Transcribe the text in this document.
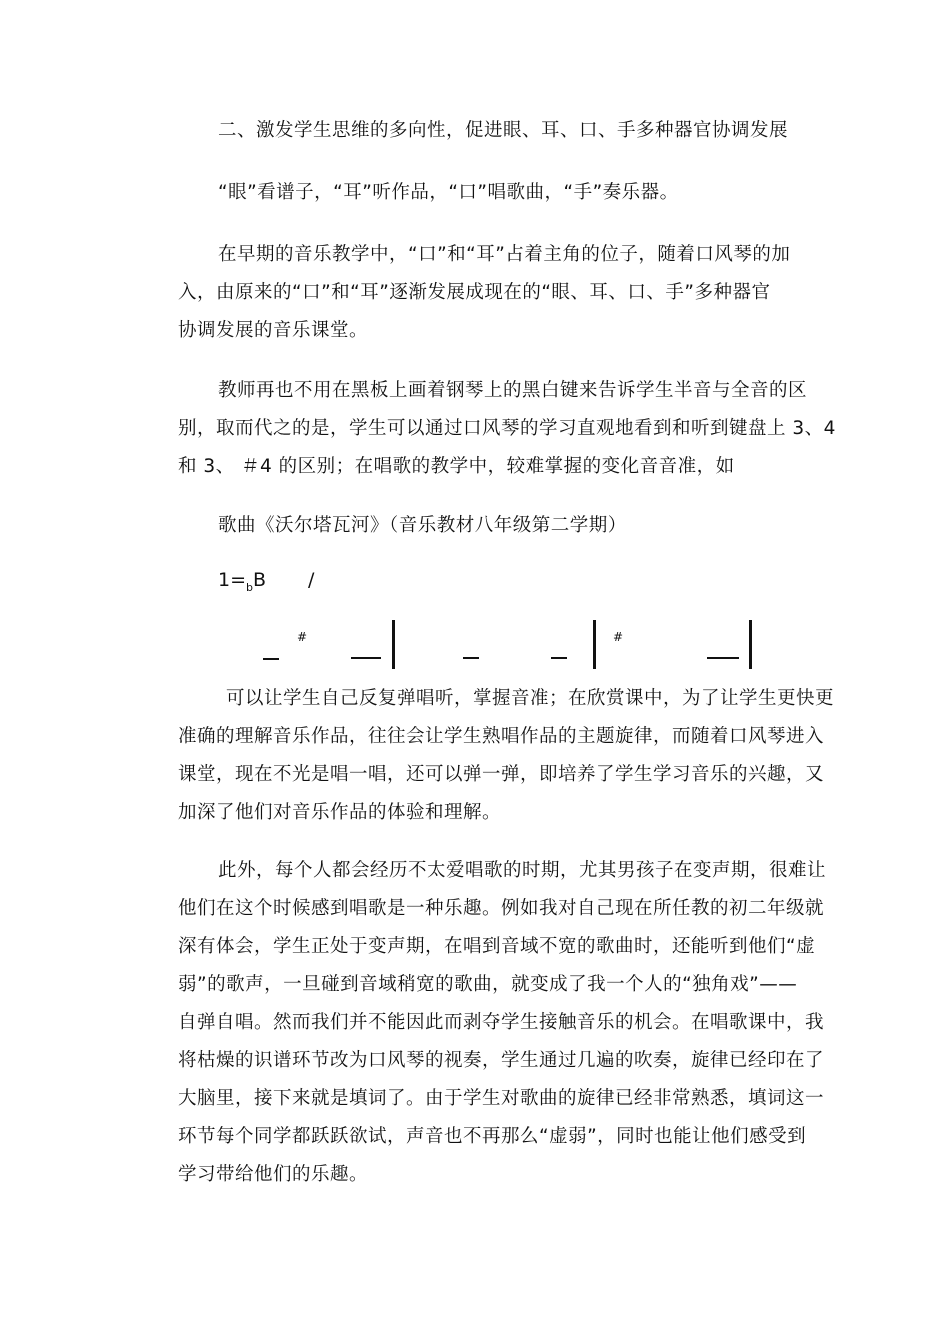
二、激发学生思维的多向性，促进眼、耳、口、手多种器官协调发展

“眼”看谱子，“耳”听作品，“口”唱歌曲，“手”奏乐器。

在早期的音乐教学中，“口”和“耳”占着主角的位子，随着口风琴的加
入，由原来的“口”和“耳”逐渐发展成现在的“眼、耳、口、手”多种器官
协调发展的音乐课堂。

教师再也不用在黑板上画着钢琴上的黑白键来告诉学生半音与全音的区
别，取而代之的是，学生可以通过口风琴的学习直观地看到和听到键盘上 3、4
和 3、 ＃4 的区别；在唱歌的教学中，较难掌握的变化音音准，如

歌曲《沃尔塔瓦河》（音乐教材八年级第二学期）

$1=_bB$ /
#	#

可以让学生自己反复弹唱听，掌握音准；在欣赏课中，为了让学生更快更
准确的理解音乐作品，往往会让学生熟唱作品的主题旋律，而随着口风琴进入
课堂，现在不光是唱一唱，还可以弹一弹，即培养了学生学习音乐的兴趣，又
加深了他们对音乐作品的体验和理解。

此外，每个人都会经历不太爱唱歌的时期，尤其男孩子在变声期，很难让
他们在这个时候感到唱歌是一种乐趣。例如我对自己现在所任教的初二年级就
深有体会，学生正处于变声期，在唱到音域不宽的歌曲时，还能听到他们“虚
弱”的歌声，一旦碰到音域稍宽的歌曲，就变成了我一个人的“独角戏”——
自弹自唱。然而我们并不能因此而剥夺学生接触音乐的机会。在唱歌课中，我
将枯燥的识谱环节改为口风琴的视奏，学生通过几遍的吹奏，旋律已经印在了
大脑里，接下来就是填词了。由于学生对歌曲的旋律已经非常熟悉，填词这一
环节每个同学都跃跃欲试，声音也不再那么“虚弱”，同时也能让他们感受到
学习带给他们的乐趣。
